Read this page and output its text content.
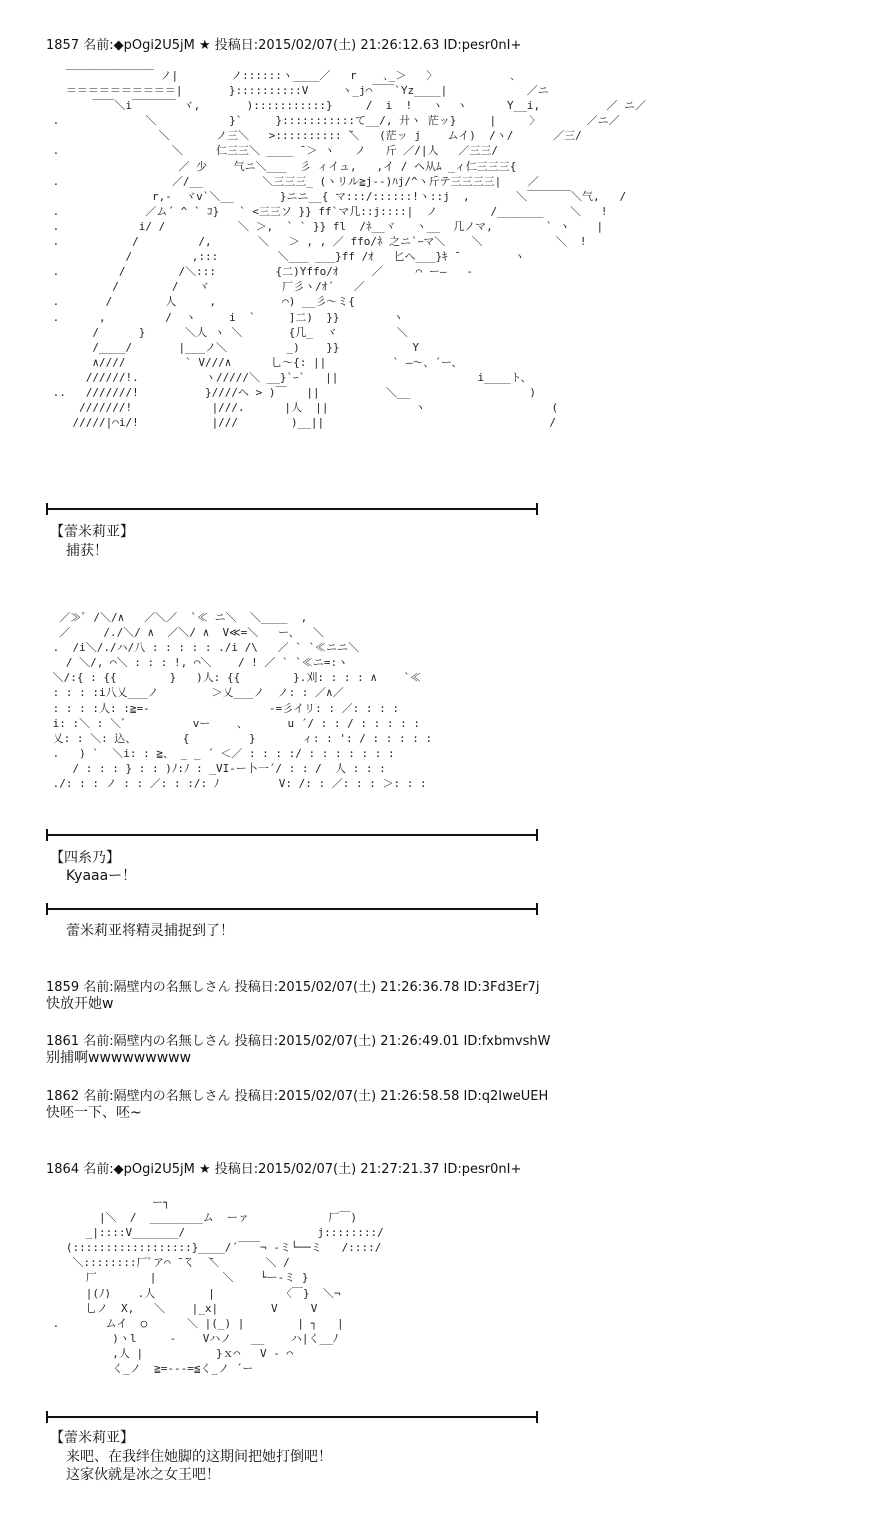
1857 名前:◆pOgi2U5jM ★ 投稿日:2015/02/07(土) 21:26:12.63 ID:pesr0nI+
￣￣￣￣￣￣￣￣ ノ|        ノ::::::ヽ____／   r    ､_＞   〉           ､
＝＝＝＝＝＝＝＝＝＝|       }::::::::::V     ヽ_j⌒￣￣`Yz____|            ／ニ
￣￣＼i￣￣￣￣ ヾ,       ):::::::::::}     /  i  !   ヽ  ヽ      Y__i,          ／ ニ／
.             ＼           }`     }:::::::::::て__/, 廾ヽ 茫ッ}     |     〉       ／ニ／
＼       ノ三＼   >:::::::::: ̄＼   (茫ッ j    ムイ)  /ヽ/      ／三/
.                 ＼     仁三三＼ ____ ̄ ＞ ヽ   ノ   斤 ／/|人   ／三三/
／ 少    气ニ＼___  彡 ィイュ,   ,イ / ヘ从ﾑ _ィ仁三三三{
.                 ／/__         ＼三三三_ (ヽリル≧j--)ﾊj/^ヽ斤テ三三三三|    ／
r,-  ヾv`＼__       }ニニ__{ マ:::/::::::!ヽ::j  ,       ＼￣￣￣￣＼气,   /
.             ／ム´ ^ ` ｺ}   ` <三三ソ }} ff`マ几::j::::|  ノ        /_______    ＼   !
.            i/ /           ＼ ＞,  ` ` }} fl  /ﾈ__ヾ   ヽ__  几ノマ,        ` ヽ    |
.           /         /,       ＼   ＞ , , ／ ffo/ﾈ 之ニ`ｰマ＼    ＼           ＼  !
/         ,:::         ＼___ ___}ff /ｵ   匕へ___}ｷ ̄         ヽ
.         /        /＼:::         {二)Yffo/ｵ     ／     ⌒ ー―   -
/        /   ヾ           厂彡ヽ/ｵ´   ／
.       /        人     ,          ⌒) __彡〜ミ{
.      ,         /  ヽ     i  `     ]二)  }}        ヽ
/      }      ＼人 ヽ ＼       {几_  ヾ         ＼
/____/       |___ノ＼         _)    }}           Y
∧////         ` V///∧      乚〜{: ||          ` ―〜、´ー、
//////!.          ヽ/////＼ __}`ｰ`   ||                     i____ト、
..   ///////!          }////へ > )￣   ||          ＼__                  )
///////!            |///.      |人  ||             ヽ                   (
/////|⌒i/!           |///        )__||                                  /
【蕾米莉亚】
捕获！
／≫ﾞ /＼/∧   ／＼／  `≪ ニ＼  ＼____  ,
／     /./＼/ ∧  ／＼/ ∧  V≪=＼   ー、  ＼
.  /i＼/./ハ/八 : : : : : ./i /\   ／ ` `≪ニニ＼
/ ＼/, ⌒＼ : : : !, ⌒＼    / ! ／ ` `≪ニ=:ヽ
＼/:{ : {{        }   )人: {{        }.刈: : : : ∧    `≪
: : : :i八乂___ノ        ＞乂___ノ  ノ: : ／∧／
: : : :人: :≧=-                  -=彡イリ: : ／: : : :
i: :＼ : ＼ﾞ          vー    、      u ´/ : : / : : : : :
乂: : ＼: 込、       {         }       ィ: : ': / : : : : :
.   ) `  ＼i: : ≧、 _ _ ´ ＜／ : : : :/ : : : : : : :
/ : : : } : : )ﾉ:ﾉ : _VI‐ー卜一´/ : : /  人 : : :
./: : : ノ : : ／: : :/: ﾉ         V: /: : ／: : : ＞: : :
【四糸乃】
Kyaaaー！
蕾米莉亚将精灵捕捉到了！
1859 名前:隔壁内の名無しさん 投稿日:2015/02/07(土) 21:26:36.78 ID:3Fd3Er7j
快放开她w
1861 名前:隔壁内の名無しさん 投稿日:2015/02/07(土) 21:26:49.01 ID:fxbmvshW
别捕啊wwwwwwwww
1862 名前:隔壁内の名無しさん 投稿日:2015/02/07(土) 21:26:58.58 ID:q2IweUEH
快呸一下、呸~
1864 名前:◆pOgi2U5jM ★ 投稿日:2015/02/07(土) 21:27:21.37 ID:pesr0nI+
ー┐
|＼  /  ________ム  ーァ            厂￣)
_|::::V_______/                    j::::::::/
(::::::::::::::::::}____/´￣￣¬ -ミ└──ミ   /::::/
＼::::::::厂ﾟア⌒ ̄ ̄く  ̄＼       ＼ /
厂        |          ＼    └ー-ミ }
|(ﾉ)    .人        |          〈￣}  ＼¬
乚ノ  X,   ＼    |_x|        V     V
.       ムイ  ○      ＼ |(_) |        | ┐   |
)ヽl     ‐    Vハノ   __    ハ|く__ﾉ
,人 |           }ｘ⌒   V ‐ ⌒
く_ノ  ≧=--‐=≦く_ノ ´ー
【蕾米莉亚】
来吧、在我绊住她脚的这期间把她打倒吧！
这家伙就是冰之女王吧！
